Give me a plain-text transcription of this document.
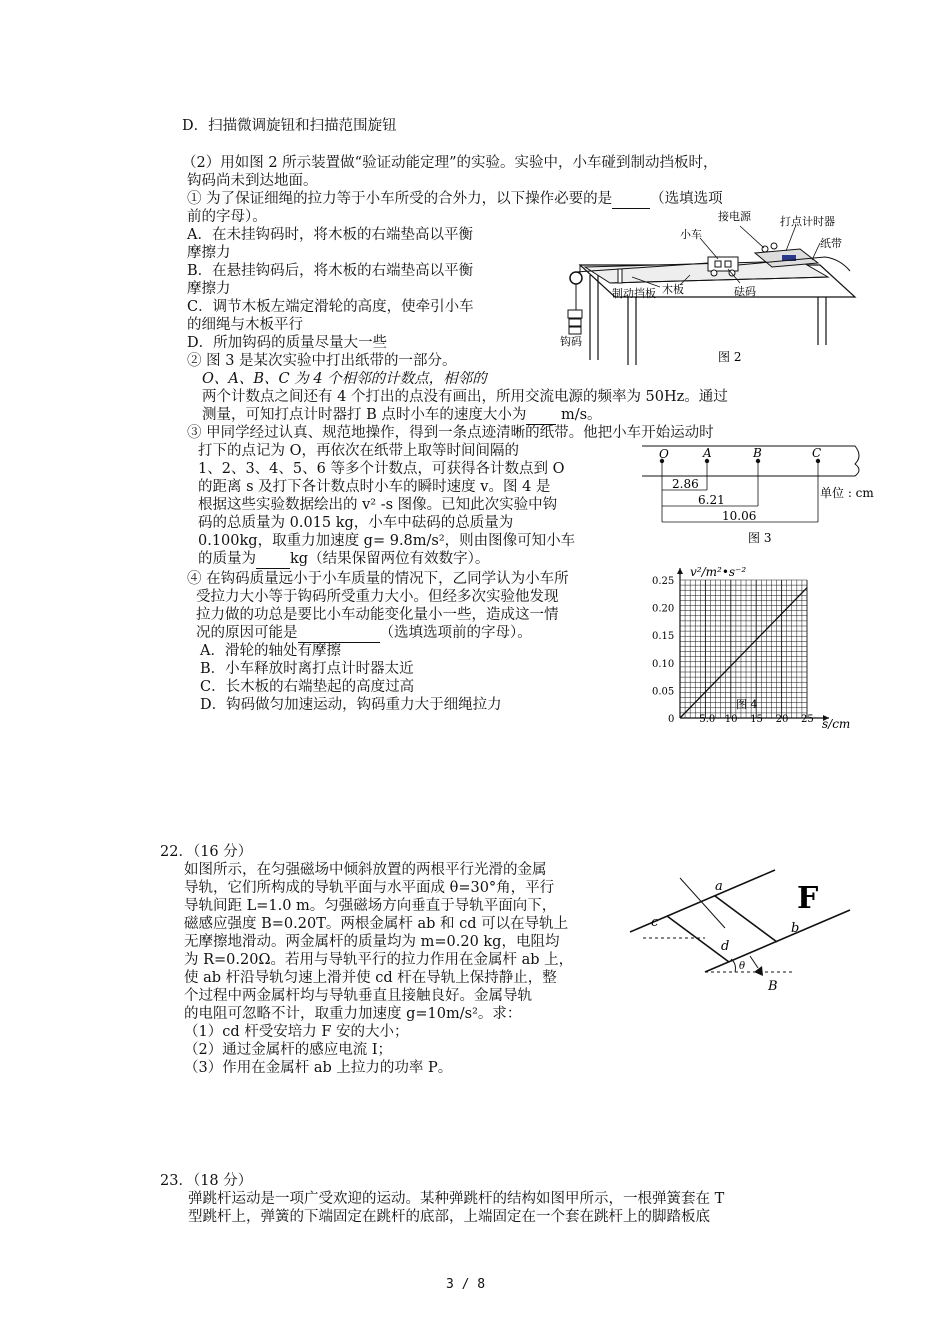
D．扫描微调旋钮和扫描范围旋钮
（2）用如图 2 所示装置做“验证动能定理”的实验。实验中，小车碰到制动挡板时，
钩码尚未到达地面。
① 为了保证细绳的拉力等于小车所受的合外力，以下操作必要的是	（选填选项
前的字母）。
A．在未挂钩码时，将木板的右端垫高以平衡
摩擦力
B．在悬挂钩码后，将木板的右端垫高以平衡
摩擦力
C．调节木板左端定滑轮的高度，使牵引小车
的细绳与木板平行
D．所加钩码的质量尽量大一些
② 图 3 是某次实验中打出纸带的一部分。
O、A、B、C 为 4 个相邻的计数点，相邻的
两个计数点之间还有 4 个打出的点没有画出，所用交流电源的频率为 50Hz。通过
测量，可知打点计时器打 B 点时小车的速度大小为  m/s。
③ 甲同学经过认真、规范地操作，得到一条点迹清晰的纸带。他把小车开始运动时
打下的点记为 O，再依次在纸带上取等时间间隔的
1、2、3、4、5、6 等多个计数点，可获得各计数点到 O
的距离 s 及打下各计数点时小车的瞬时速度 v。图 4 是
根据这些实验数据绘出的 v² -s 图像。已知此次实验中钩
码的总质量为 0.015 kg，小车中砝码的总质量为
0.100kg，取重力加速度 g= 9.8m/s²，则由图像可知小车
的质量为 kg（结果保留两位有效数字）。
④ 在钩码质量远小于小车质量的情况下，乙同学认为小车所
受拉力大小等于钩码所受重力大小。但经多次实验他发现
拉力做的功总是要比小车动能变化量小一些，造成这一情
况的原因可能是	（选填选项前的字母）。
A．滑轮的轴处有摩擦
B．小车释放时离打点计时器太近
C．长木板的右端垫起的高度过高
D．钩码做匀加速运动，钩码重力大于细绳拉力
接电源	打点计时器
小车
纸带
制动挡板 木板	砝码
钩码
图 2
O	A	B	C
2.86
6.21
10.06
单位 : cm
图 3
0	5.0 10 15 20 25
0.05
0.10
0.15
0.20
0.25
v²/m²•s⁻²
s/cm
图 4
22．（16 分）
如图所示，在匀强磁场中倾斜放置的两根平行光滑的金属
导轨，它们所构成的导轨平面与水平面成 θ=30°角，平行
导轨间距 L=1.0 m。匀强磁场方向垂直于导轨平面向下，
磁感应强度 B=0.20T。两根金属杆 ab 和 cd 可以在导轨上
无摩擦地滑动。两金属杆的质量均为 m=0.20 kg，电阻均
为 R=0.20Ω。若用与导轨平行的拉力作用在金属杆 ab 上，
使 ab 杆沿导轨匀速上滑并使 cd 杆在导轨上保持静止，整
个过程中两金属杆均与导轨垂直且接触良好。金属导轨
的电阻可忽略不计，取重力加速度 g=10m/s²。求：
（1）cd 杆受安培力 F 安的大小；
（2）通过金属杆的感应电流 I；
（3）作用在金属杆 ab 上拉力的功率 P。
a
b
c
d
θ
B
F
23．（18 分）
弹跳杆运动是一项广受欢迎的运动。某种弹跳杆的结构如图甲所示，一根弹簧套在 T
型跳杆上，弹簧的下端固定在跳杆的底部，上端固定在一个套在跳杆上的脚踏板底
3 / 8
